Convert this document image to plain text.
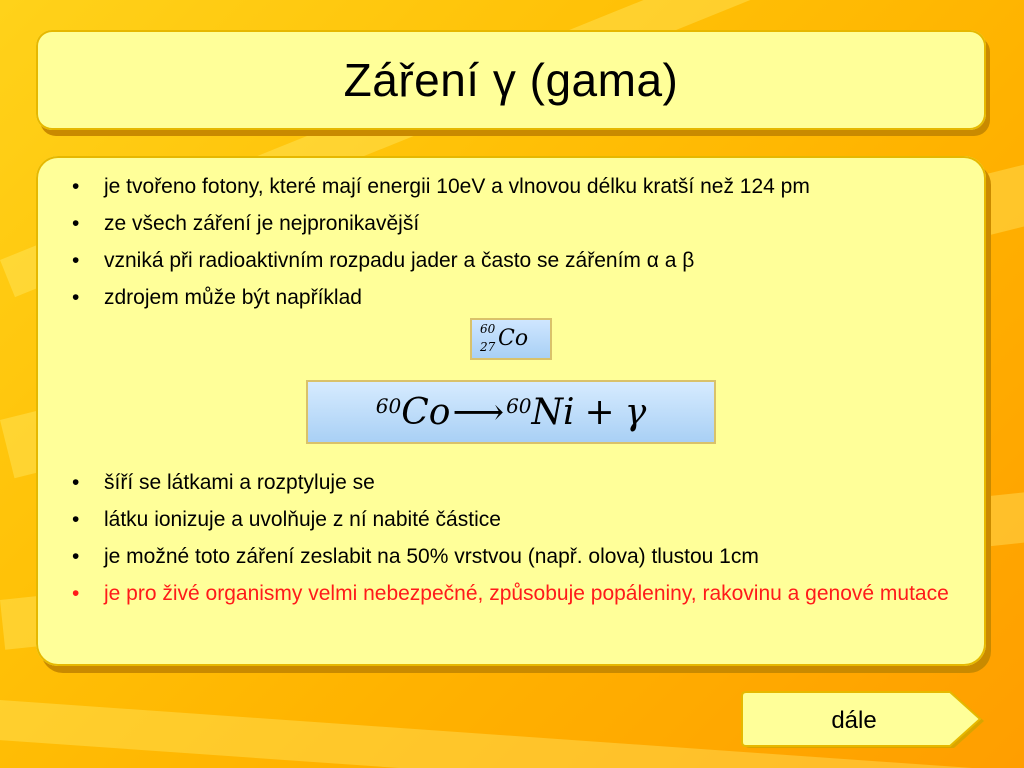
Záření γ (gama)
• je tvořeno fotony, které mají energii 10eV a vlnovou délku kratší než 124 pm
• ze všech záření je nejpronikavější
• vzniká při radioaktivním rozpadu jader a často se zářením α a β
• zdrojem může být například
60
27 Co
$^{60}$ Co ⟶$^{60}$ Ni + γ
• šíří se látkami a rozptyluje se
• látku ionizuje a uvolňuje z ní nabité částice
• je možné toto záření zeslabit na 50% vrstvou (např. olova) tlustou 1cm
• je pro živé organismy velmi nebezpečné, způsobuje popáleniny, rakovinu a genové mutace
dále
